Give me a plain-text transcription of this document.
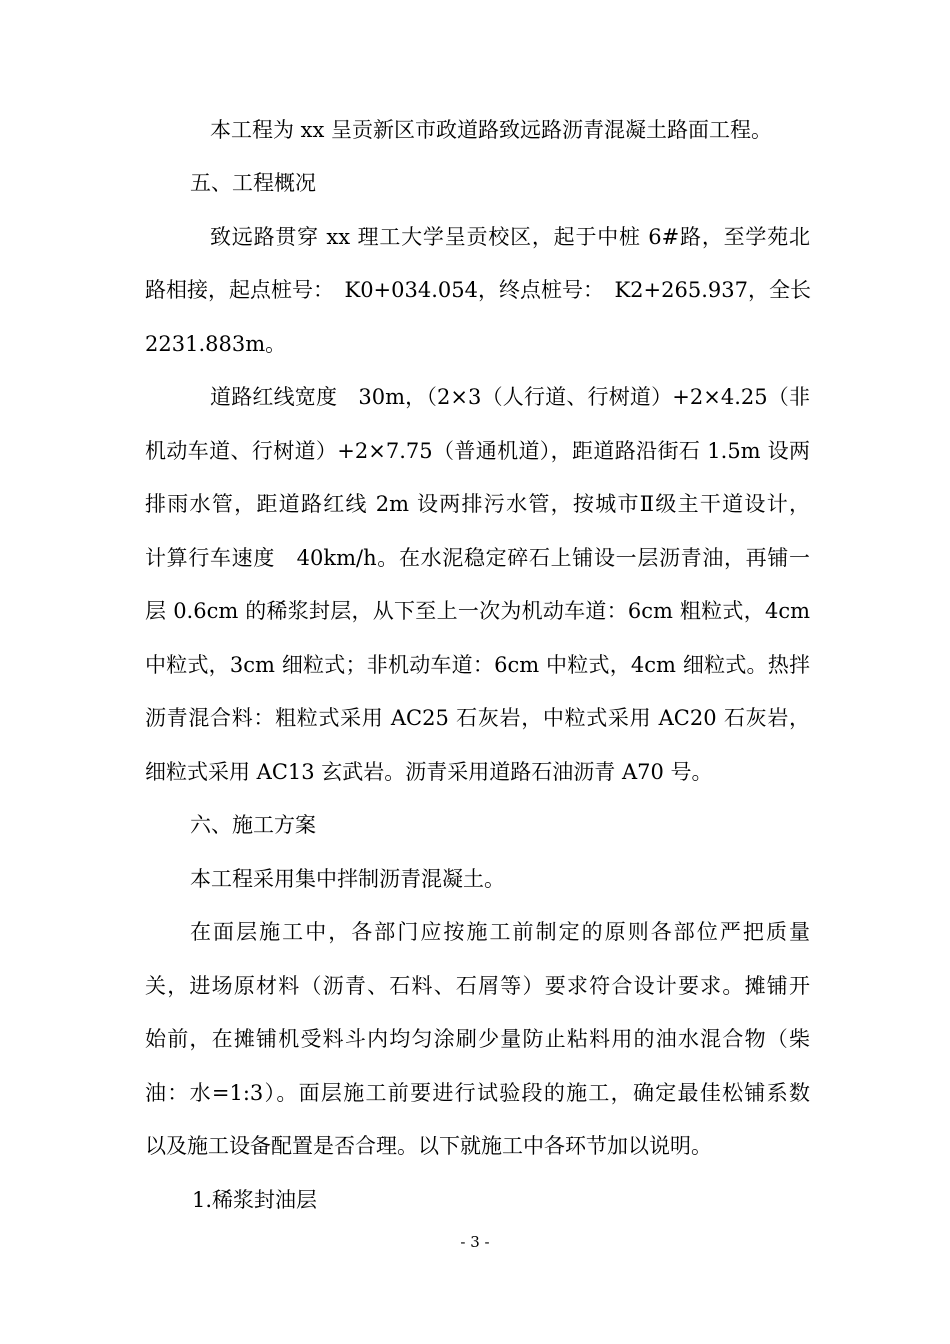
本工程为 xx 呈贡新区市政道路致远路沥青混凝土路面工程。
五、工程概况
致远路贯穿 xx 理工大学呈贡校区，起于中桩 6#路，至学苑北
路相接，起点桩号：　K0+034.054，终点桩号：　K2+265.937，全长
2231.883m。
道路红线宽度　30m，（2×3（人行道、行树道）+2×4.25（非
机动车道、行树道）+2×7.75（普通机道），距道路沿街石 1.5m 设两
排雨水管，距道路红线 2m 设两排污水管，按城市Ⅱ级主干道设计，
计算行车速度　40km/h。在水泥稳定碎石上铺设一层沥青油，再铺一
层 0.6cm 的稀浆封层，从下至上一次为机动车道：6cm 粗粒式，4cm
中粒式，3cm 细粒式；非机动车道：6cm 中粒式，4cm 细粒式。热拌
沥青混合料：粗粒式采用 AC25 石灰岩，中粒式采用 AC20 石灰岩，
细粒式采用 AC13 玄武岩。沥青采用道路石油沥青 A70 号。
六、施工方案
本工程采用集中拌制沥青混凝土。
在面层施工中，各部门应按施工前制定的原则各部位严把质量
关，进场原材料（沥青、石料、石屑等）要求符合设计要求。摊铺开
始前，在摊铺机受料斗内均匀涂刷少量防止粘料用的油水混合物（柴
油：水=1:3）。面层施工前要进行试验段的施工，确定最佳松铺系数
以及施工设备配置是否合理。以下就施工中各环节加以说明。
1.稀浆封油层
- 3 -
